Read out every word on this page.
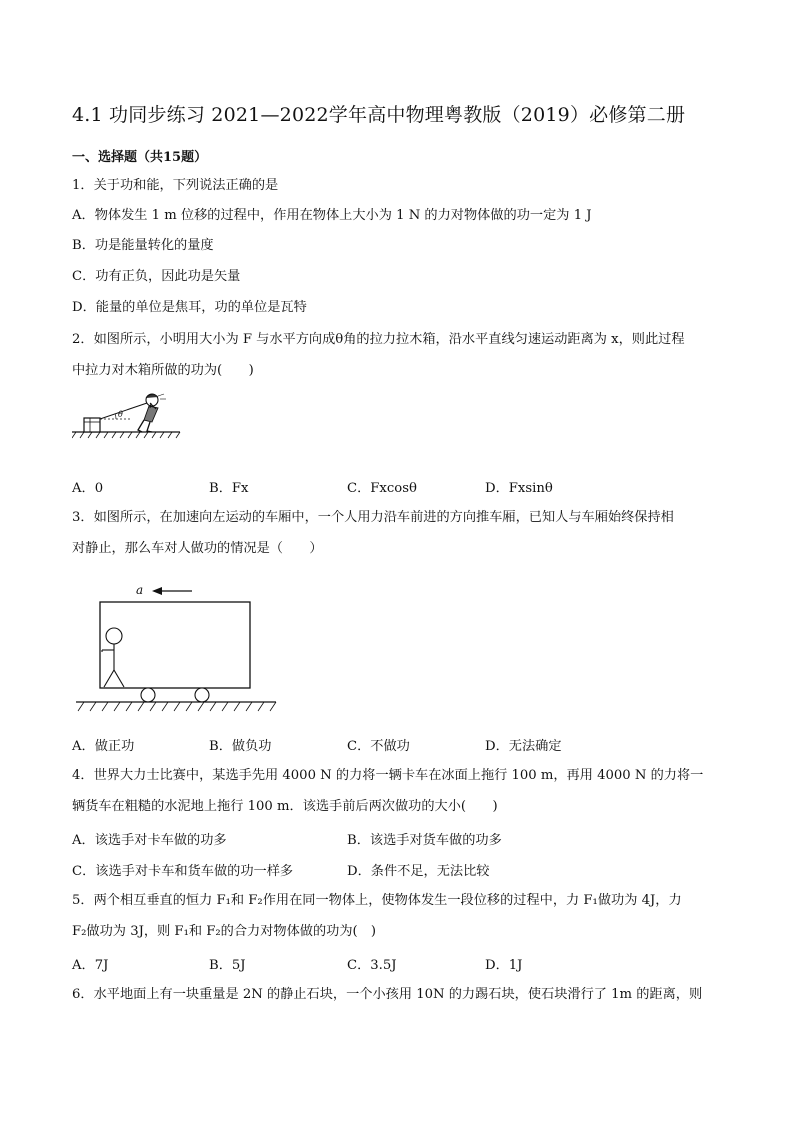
4.1 功同步练习 2021—2022学年高中物理粤教版（2019）必修第二册
一、选择题（共15题）
1．关于功和能，下列说法正确的是
A．物体发生 1 m 位移的过程中，作用在物体上大小为 1 N 的力对物体做的功一定为 1 J
B．功是能量转化的量度
C．功有正负，因此功是矢量
D．能量的单位是焦耳，功的单位是瓦特
2．如图所示，小明用大小为 F 与水平方向成θ角的拉力拉木箱，沿水平直线匀速运动距离为 x，则此过程
中拉力对木箱所做的功为(　　)
θ
A．0	B．Fx	C．Fxcosθ	D．Fxsinθ
3．如图所示，在加速向左运动的车厢中，一个人用力沿车前进的方向推车厢，已知人与车厢始终保持相
对静止，那么车对人做功的情况是（　　）
a
A．做正功	B．做负功	C．不做功	D．无法确定
4．世界大力士比赛中，某选手先用 4000 N 的力将一辆卡车在冰面上拖行 100 m，再用 4000 N 的力将一
辆货车在粗糙的水泥地上拖行 100 m．该选手前后两次做功的大小(　　)
A．该选手对卡车做的功多	B．该选手对货车做的功多
C．该选手对卡车和货车做的功一样多	D．条件不足，无法比较
5．两个相互垂直的恒力 F₁和 F₂作用在同一物体上，使物体发生一段位移的过程中，力 F₁做功为 4J，力
F₂做功为 3J，则 F₁和 F₂的合力对物体做的功为(　)
A．7J	B．5J	C．3.5J	D．1J
6．水平地面上有一块重量是 2N 的静止石块，一个小孩用 10N 的力踢石块，使石块滑行了 1m 的距离，则
